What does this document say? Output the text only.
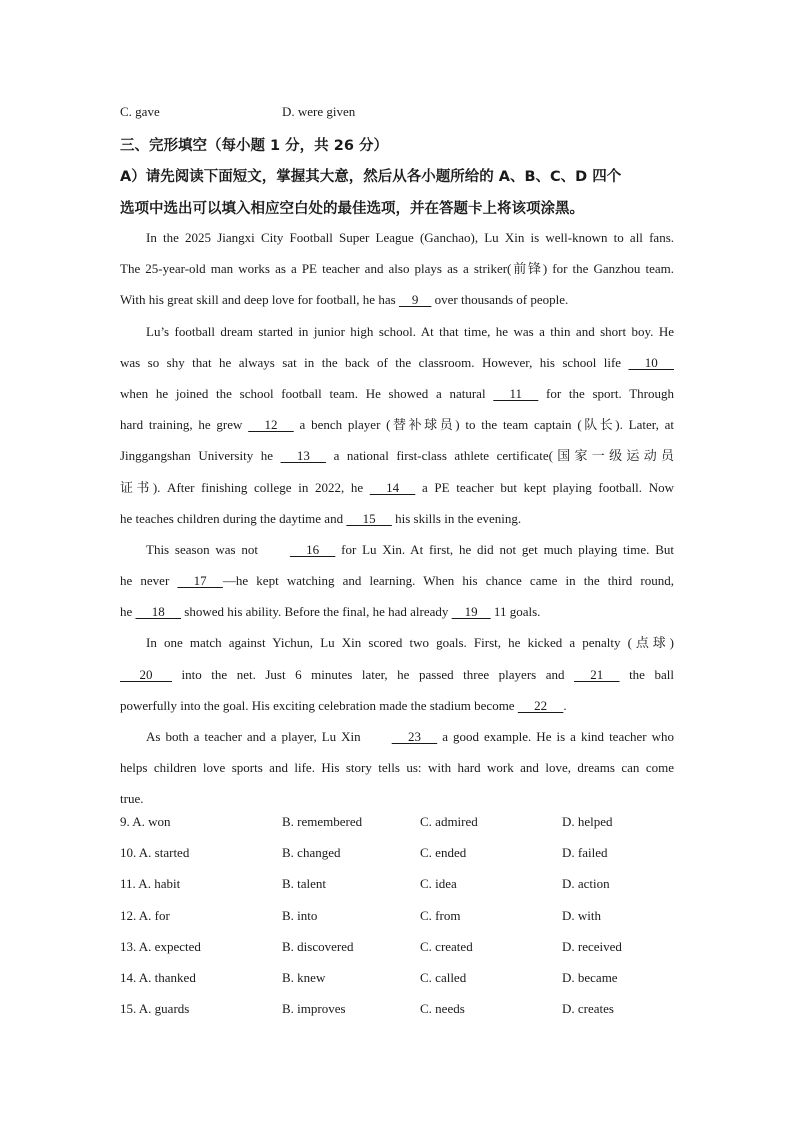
C. gave	D. were given
三、完形填空（每小题 1 分，共 26 分）
A）请先阅读下面短文，掌握其大意，然后从各小题所给的 A、B、C、D 四个
选项中选出可以填入相应空白处的最佳选项，并在答题卡上将该项涂黑。
In the 2025 Jiangxi City Football Super League (Ganchao), Lu Xin is well-known to all fans.
The 25-year-old man works as a PE teacher and also plays as a striker(前锋) for the Ganzhou team.
With his great skill and deep love for football, he has     9     over thousands of people.
Lu’s football dream started in junior high school. At that time, he was a thin and short boy. He
was so shy that he always sat in the back of the classroom. However, his school life      10
when he joined the school football team. He showed a natural      11      for the sport. Through
hard training, he grew      12      a bench player (替补球员) to the team captain (队长). Later, at
Jinggangshan University he      13      a national first-class athlete certificate(国家一级运动员
证书). After finishing college in 2022, he      14      a PE teacher but kept playing football. Now
he teaches children during the daytime and      15      his skills in the evening.
This season was not      16      for Lu Xin. At first, he did not get much playing time. But
he never      17     —he kept watching and learning. When his chance came in the third round,
he      18      showed his ability. Before the final, he had already     19     11 goals.
In one match against Yichun, Lu Xin scored two goals. First, he kicked a penalty (点球)
20       into the net. Just 6 minutes later, he passed three players and      21      the ball
powerfully into the goal. His exciting celebration made the stadium become      22     .
As both a teacher and a player, Lu Xin      23      a good example. He is a kind teacher who
helps children love sports and life. His story tells us: with hard work and love, dreams can come
true.
9. A. won	B. remembered	C. admired	D. helped
10. A. started	B. changed	C. ended	D. failed
11. A. habit	B. talent	C. idea	D. action
12. A. for	B. into	C. from	D. with
13. A. expected	B. discovered	C. created	D. received
14. A. thanked	B. knew	C. called	D. became
15. A. guards	B. improves	C. needs	D. creates
